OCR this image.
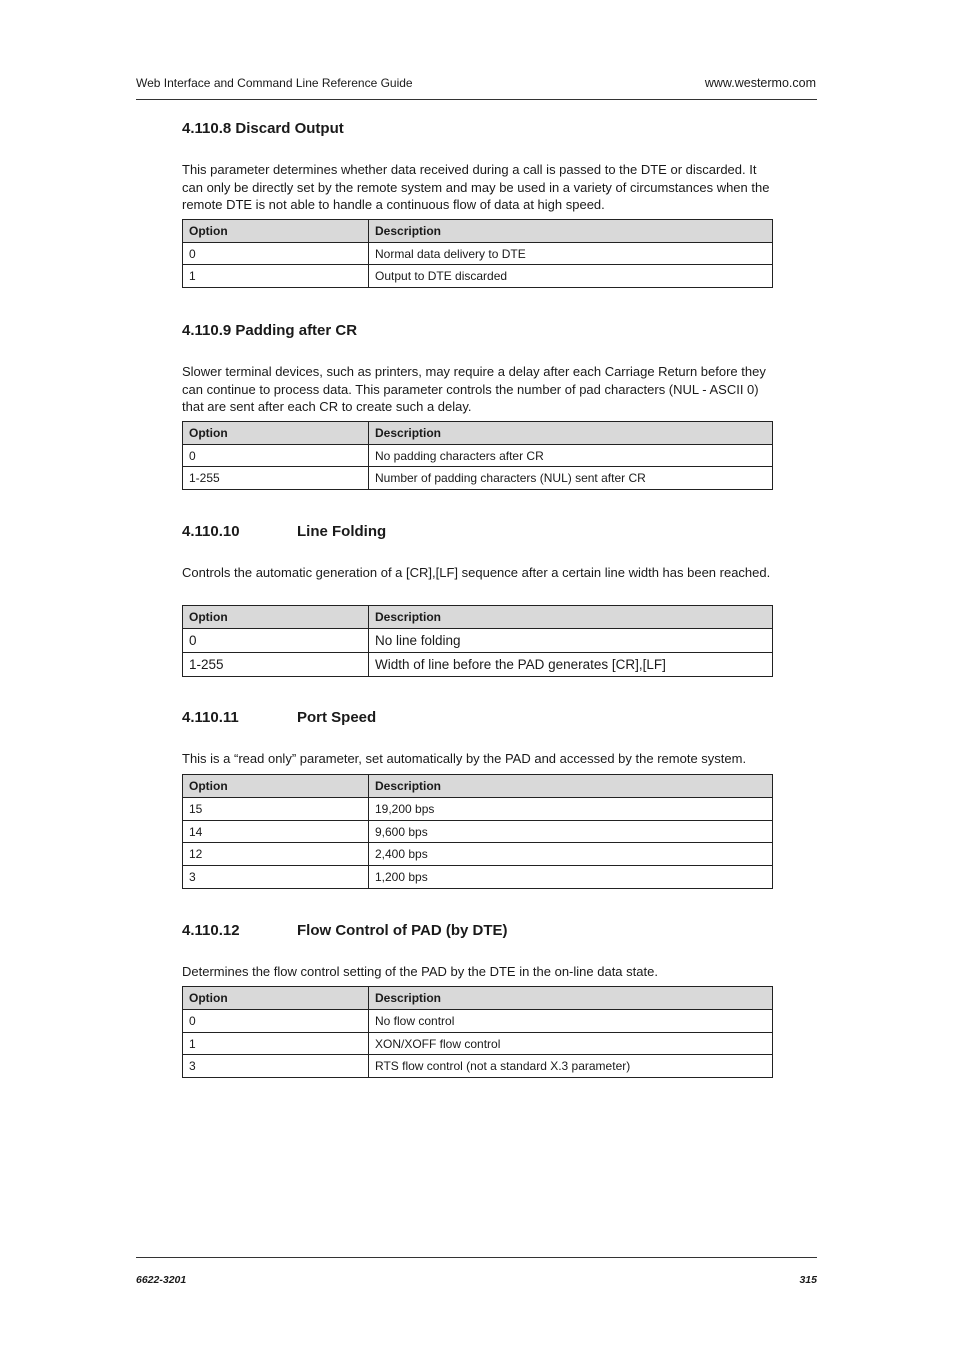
Web Interface and Command Line Reference Guide	www.westermo.com
4.110.8 Discard Output

This parameter determines whether data received during a call is passed to the DTE or discarded. It can only be directly set by the remote system and may be used in a variety of circumstances when the remote DTE is not able to handle a continuous flow of data at high speed.

Option	Description
0	Normal data delivery to DTE
1	Output to DTE discarded
4.110.9 Padding after CR

Slower terminal devices, such as printers, may require a delay after each Carriage Return before they can continue to process data. This parameter controls the number of pad characters (NUL - ASCII 0) that are sent after each CR to create such a delay.

Option	Description
0	No padding characters after CR
1-255	Number of padding characters (NUL) sent after CR
4.110.10	Line Folding

Controls the automatic generation of a [CR],[LF] sequence after a certain line width has been reached.

Option	Description
0	No line folding
1-255	Width of line before the PAD generates [CR],[LF]
4.110.11	Port Speed

This is a “read only” parameter, set automatically by the PAD and accessed by the remote system.

Option	Description
15	19,200 bps
14	9,600 bps
12	2,400 bps
3	1,200 bps
4.110.12	Flow Control of PAD (by DTE)

Determines the flow control setting of the PAD by the DTE in the on-line data state.

Option	Description
0	No flow control
1	XON/XOFF flow control
3	RTS flow control (not a standard X.3 parameter)
6622-3201	315
